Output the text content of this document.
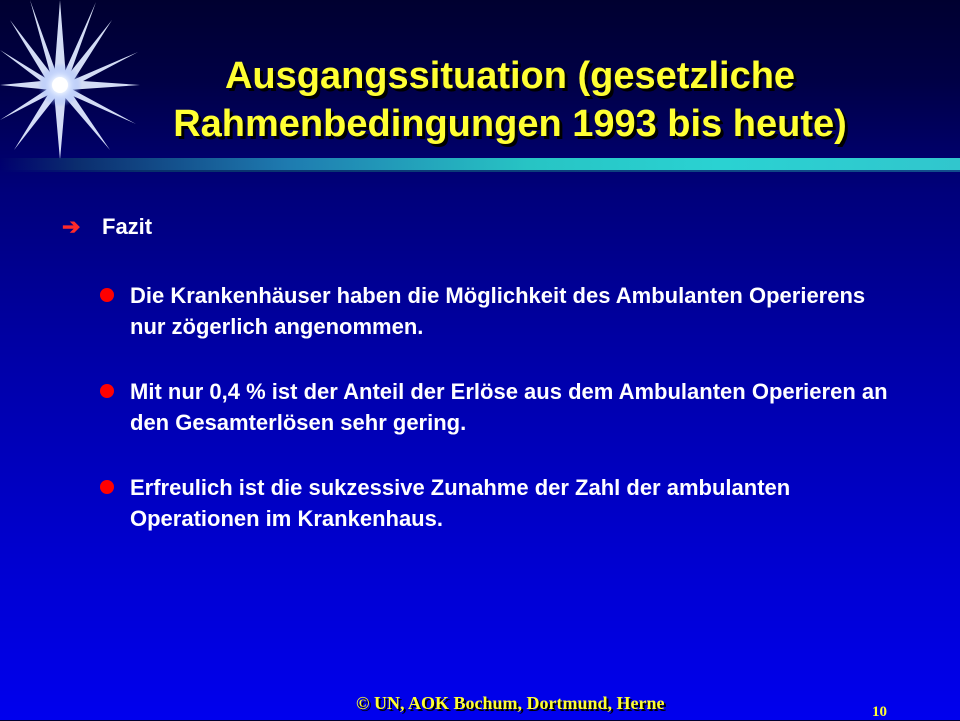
Ausgangssituation (gesetzliche
Rahmenbedingungen 1993 bis heute)
➔ Fazit
Die Krankenhäuser haben die Möglichkeit des Ambulanten Operierens nur zögerlich angenommen.
Mit nur 0,4 % ist der Anteil der Erlöse aus dem Ambulanten Operieren an den Gesamterlösen sehr gering.
Erfreulich ist die sukzessive Zunahme der Zahl der ambulanten Operationen im Krankenhaus.
© UN, AOK Bochum, Dortmund, Herne	10
